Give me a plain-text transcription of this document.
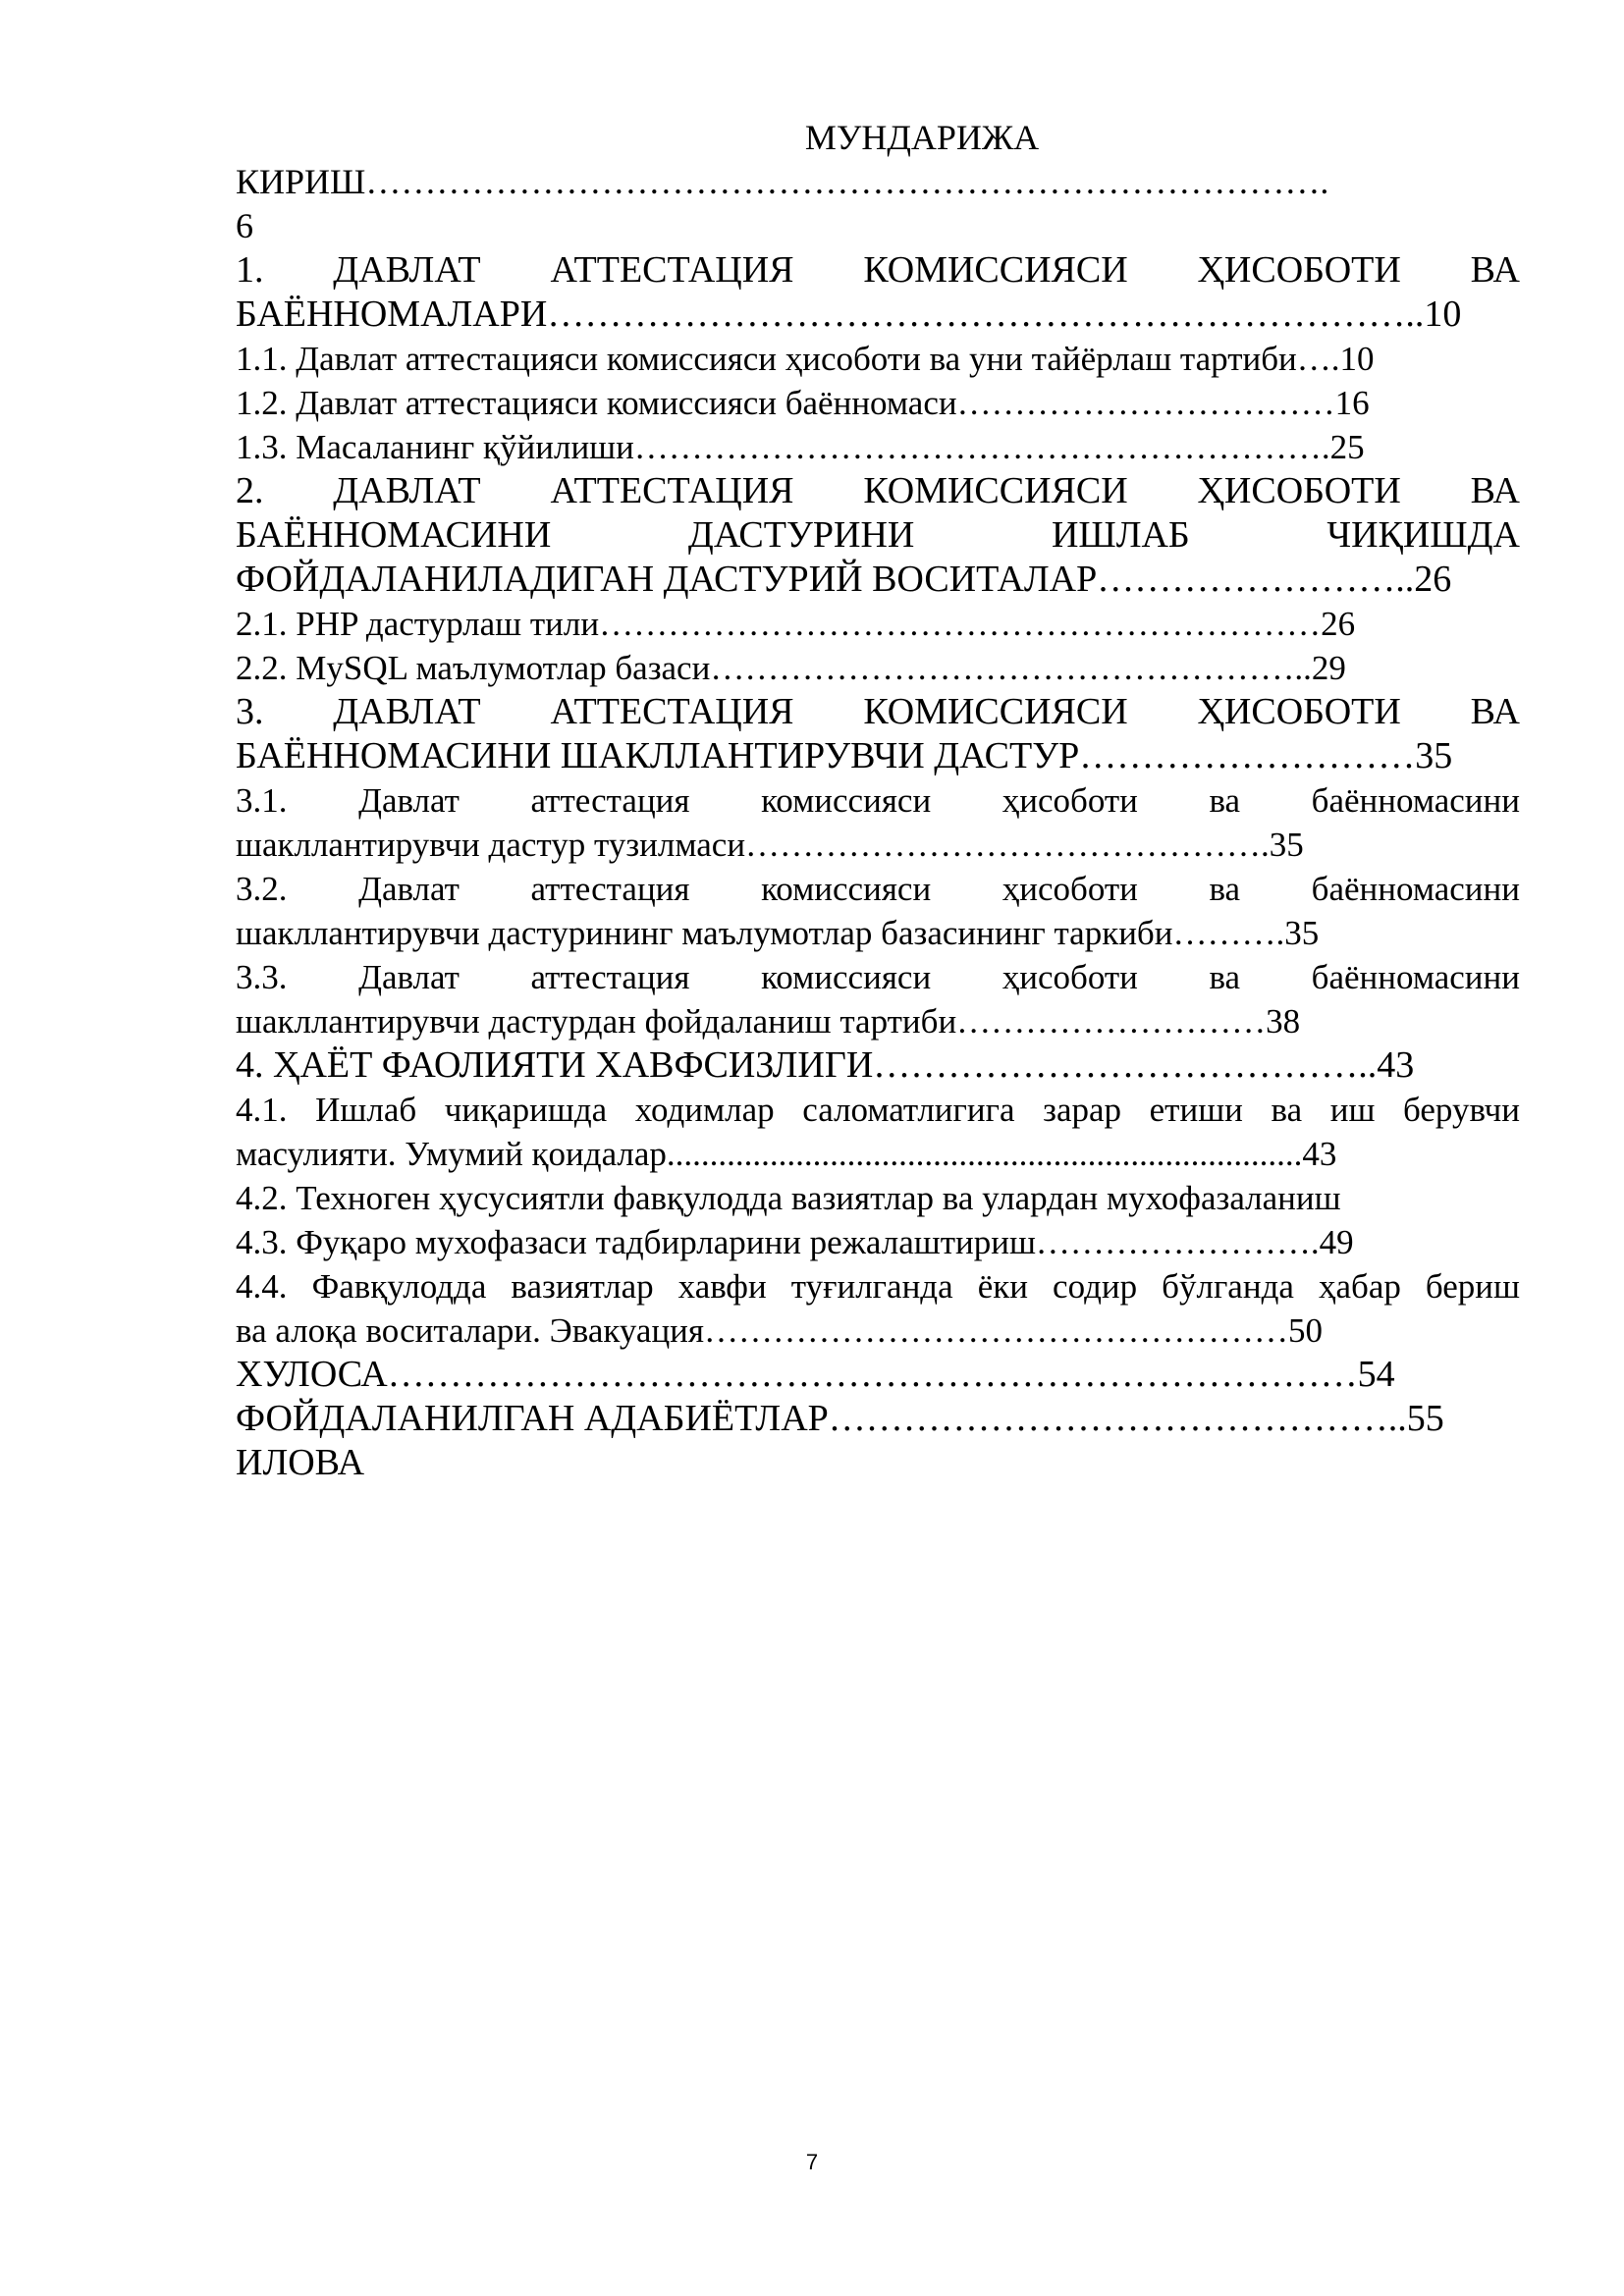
МУНДАРИЖА

КИРИШ……………………………………………………………………….
6
1. ДАВЛАТ АТТЕСТАЦИЯ КОМИССИЯСИ ҲИСОБОТИ ВА
БАЁННОМАЛАРИ……………………………………………………………..10
1.1. Давлат аттестацияси комиссияси ҳисоботи ва уни тайёрлаш тартиби….10
1.2. Давлат аттестацияси комиссияси баённомаси……………………………16
1.3. Масаланинг қўйилиши…………………………………………………….25
2. ДАВЛАТ АТТЕСТАЦИЯ КОМИССИЯСИ ҲИСОБОТИ ВА
БАЁННОМАСИНИ ДАСТУРИНИ ИШЛАБ ЧИҚИШДА
ФОЙДАЛАНИЛАДИГАН ДАСТУРИЙ ВОСИТАЛАР……………………..26
2.1. PHP дастурлаш тили………………………………………………………26
2.2. MySQL маълумотлар базаси……………………………………………..29
3. ДАВЛАТ АТТЕСТАЦИЯ КОМИССИЯСИ ҲИСОБОТИ ВА
БАЁННОМАСИНИ ШАКЛЛАНТИРУВЧИ ДАСТУР………………………35
3.1. Давлат аттестация комиссияси ҳисоботи ва баённомасини
шакллантирувчи дастур тузилмаси……………………………………….35
3.2. Давлат аттестация комиссияси ҳисоботи ва баённомасини
шакллантирувчи дастурининг маълумотлар базасининг таркиби……….35
3.3. Давлат аттестация комиссияси ҳисоботи ва баённомасини
шакллантирувчи дастурдан фойдаланиш тартиби………………………38
4. ҲАЁТ ФАОЛИЯТИ ХАВФСИЗЛИГИ…………………………………..43
4.1. Ишлаб чиқаришда ходимлар саломатлигига зарар етиши ва иш берувчи
масулияти. Умумий қоидалар..........................................................................43
4.2. Техноген ҳусусиятли фавқулодда вазиятлар ва улардан мухофазаланиш
4.3. Фуқаро мухофазаси тадбирларини режалаштириш…………………….49
4.4. Фавқулодда вазиятлар хавфи туғилганда ёки содир бўлганда ҳабар бериш
ва алоқа воситалари. Эвакуация……………………………………………50
ХУЛОСА……………………………………………………………………54
ФОЙДАЛАНИЛГАН АДАБИЁТЛАР………………………………………..55
ИЛОВА
7
